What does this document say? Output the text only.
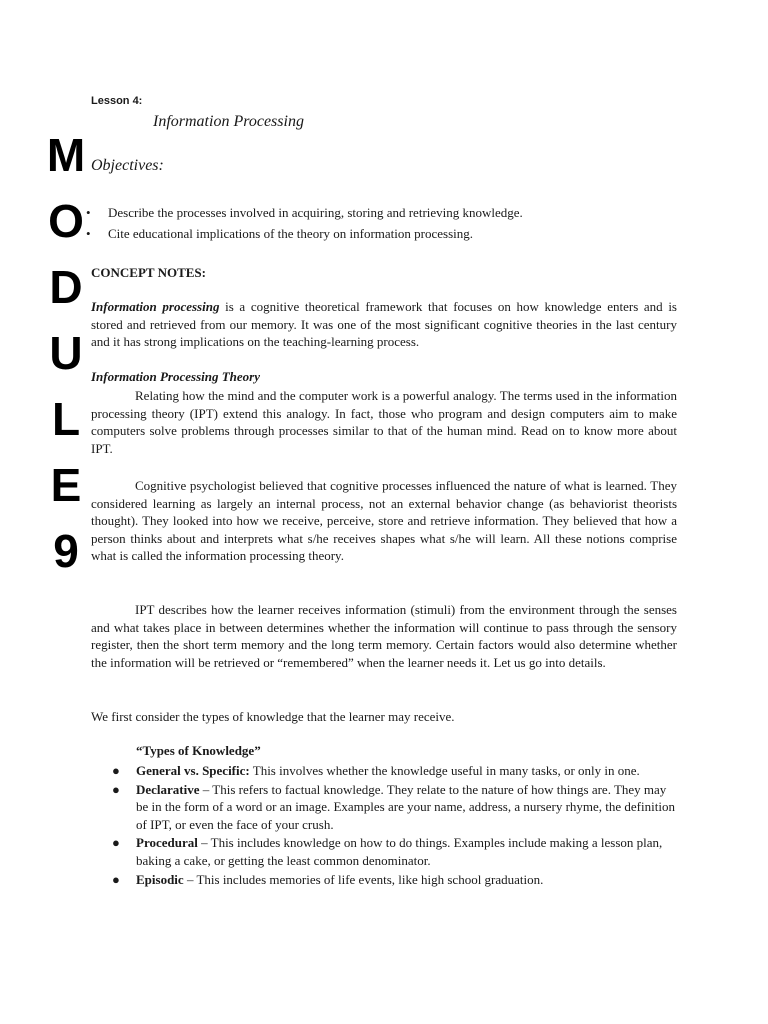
M
O
D
U
L
E
9
Lesson 4:
Information Processing
Objectives:
• Describe the processes involved in acquiring, storing and retrieving knowledge.
• Cite educational implications of the theory on information processing.
CONCEPT NOTES:

Information processing is a cognitive theoretical framework that focuses on how knowledge enters and is stored and retrieved from our memory. It was one of the most significant cognitive theories in the last century and it has strong implications on the teaching-learning process.

Information Processing Theory

Relating how the mind and the computer work is a powerful analogy. The terms used in the information processing theory (IPT) extend this analogy. In fact, those who program and design computers aim to make computers solve problems through processes similar to that of the human mind. Read on to know more about IPT.

Cognitive psychologist believed that cognitive processes influenced the nature of what is learned. They considered learning as largely an internal process, not an external behavior change (as behaviorist theorists thought). They looked into how we receive, perceive, store and retrieve information. They believed that how a person thinks about and interprets what s/he receives shapes what s/he will learn. All these notions comprise what is called the information processing theory.

IPT describes how the learner receives information (stimuli) from the environment through the senses and what takes place in between determines whether the information will continue to pass through the sensory register, then the short term memory and the long term memory. Certain factors would also determine whether the information will be retrieved or “remembered” when the learner needs it. Let us go into details.

We first consider the types of knowledge that the learner may receive.

“Types of Knowledge”
● General vs. Specific: This involves whether the knowledge useful in many tasks, or only in one.
● Declarative – This refers to factual knowledge. They relate to the nature of how things are. They may be in the form of a word or an image. Examples are your name, address, a nursery rhyme, the definition of IPT, or even the face of your crush.
● Procedural – This includes knowledge on how to do things. Examples include making a lesson plan, baking a cake, or getting the least common denominator.
● Episodic – This includes memories of life events, like high school graduation.
